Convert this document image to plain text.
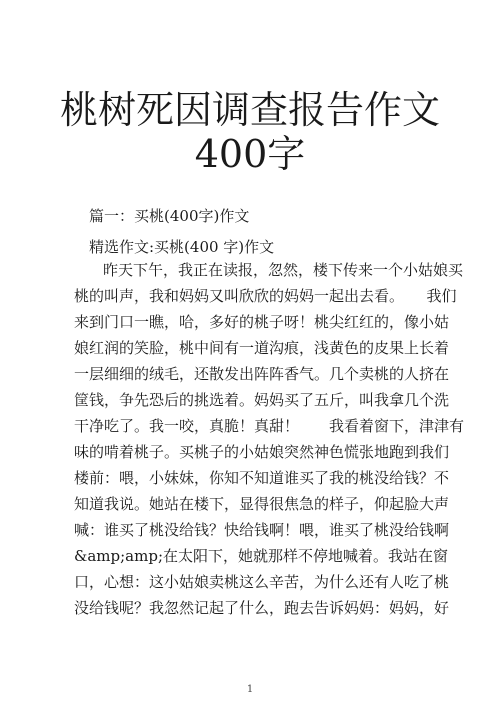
桃树死因调查报告作文
400字
篇一：买桃(400字)作文
精选作文:买桃(400 字)作文
昨天下午，我正在读报，忽然，楼下传来一个小姑娘买
桃的叫声，我和妈妈又叫欣欣的妈妈一起出去看。　　我们
来到门口一瞧，哈，多好的桃子呀！桃尖红红的，像小姑
娘红润的笑脸，桃中间有一道沟痕，浅黄色的皮果上长着
一层细细的绒毛，还散发出阵阵香气。几个卖桃的人挤在
筐钱，争先恐后的挑选着。妈妈买了五斤，叫我拿几个洗
干净吃了。我一咬，真脆！真甜！　　我看着窗下，津津有
味的啃着桃子。买桃子的小姑娘突然神色慌张地跑到我们
楼前：喂，小妹妹，你知不知道谁买了我的桃没给钱？不
知道我说。她站在楼下，显得很焦急的样子，仰起脸大声
喊：谁买了桃没给钱？快给钱啊！喂，谁买了桃没给钱啊
&amp;amp;在太阳下，她就那样不停地喊着。我站在窗
口，心想：这小姑娘卖桃这么辛苦，为什么还有人吃了桃
没给钱呢？我忽然记起了什么，跑去告诉妈妈：妈妈，好
1
